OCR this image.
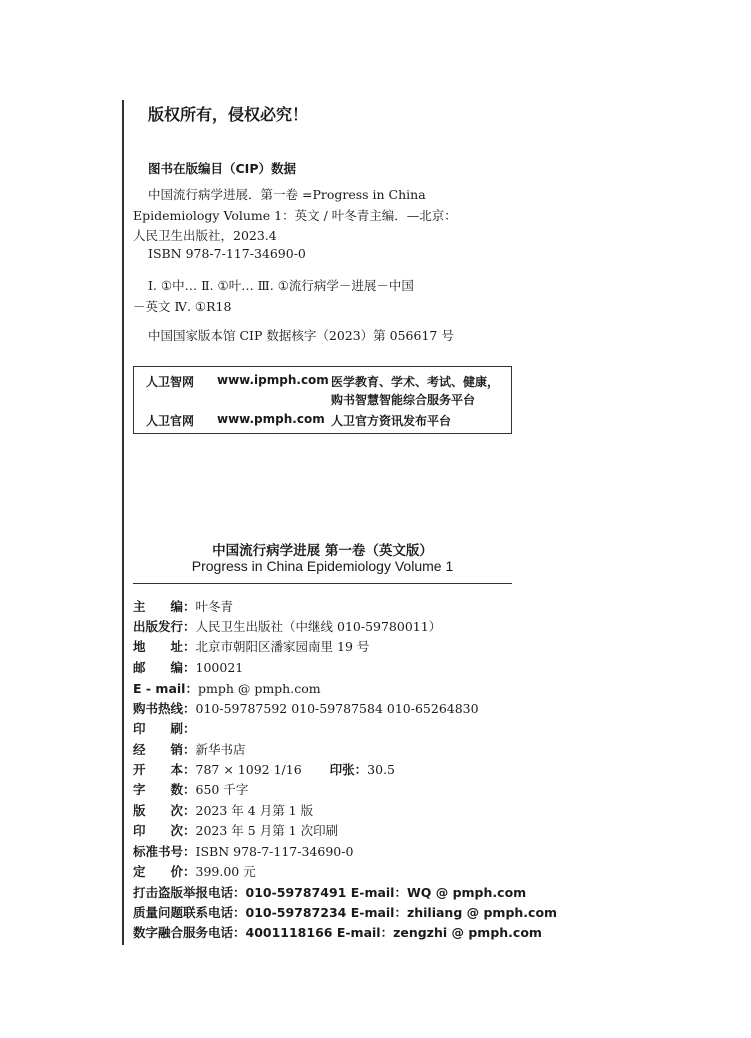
版权所有，侵权必究！
图书在版编目（CIP）数据
中国流行病学进展．第一卷 =Progress in China
Epidemiology Volume 1：英文 / 叶冬青主编．—北京：
人民卫生出版社，2023.4
ISBN 978-7-117-34690-0
Ⅰ. ①中… Ⅱ. ①叶… Ⅲ. ①流行病学－进展－中国
－英文 Ⅳ. ①R18
中国国家版本馆 CIP 数据核字（2023）第 056617 号
人卫智网 www.ipmph.com 医学教育、学术、考试、健康，
购书智慧智能综合服务平台
人卫官网 www.pmph.com 人卫官方资讯发布平台
中国流行病学进展 第一卷（英文版）
Progress in China Epidemiology Volume 1
主　　编：叶冬青
出版发行：人民卫生出版社（中继线 010-59780011）
地　　址：北京市朝阳区潘家园南里 19 号
邮　　编：100021
E - mail：pmph @ pmph.com
购书热线：010-59787592 010-59787584 010-65264830
印　　刷：
经　　销：新华书店
开　　本：787 × 1092 1/16 印张：30.5
字　　数：650 千字
版　　次：2023 年 4 月第 1 版
印　　次：2023 年 5 月第 1 次印刷
标准书号：ISBN 978-7-117-34690-0
定　　价：399.00 元
打击盗版举报电话：010-59787491 E-mail：WQ @ pmph.com
质量问题联系电话：010-59787234 E-mail：zhiliang @ pmph.com
数字融合服务电话：4001118166 E-mail：zengzhi @ pmph.com
